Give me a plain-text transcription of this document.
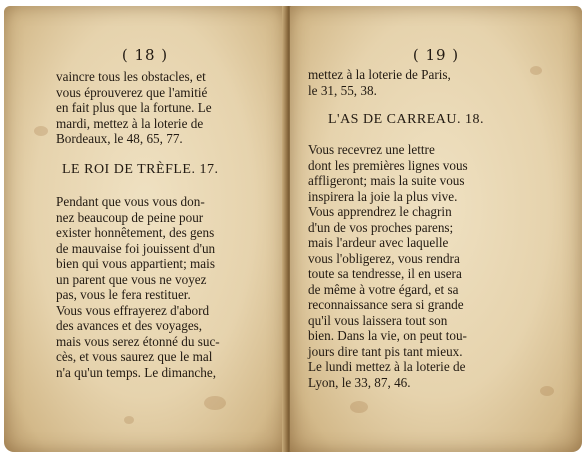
( 18 )
vaincre tous les obstacles, et
vous éprouverez que l'amitié
en fait plus que la fortune. Le
mardi, mettez à la loterie de
Bordeaux, le 48, 65, 77.
LE ROI DE TRÈFLE. 17.
Pendant que vous vous don-
nez beaucoup de peine pour
exister honnêtement, des gens
de mauvaise foi jouissent d'un
bien qui vous appartient; mais
un parent que vous ne voyez
pas, vous le fera restituer.
Vous vous effrayerez d'abord
des avances et des voyages,
mais vous serez étonné du suc-
cès, et vous saurez que le mal
n'a qu'un temps. Le dimanche,
( 19 )
mettez à la loterie de Paris,
le 31, 55, 38.
L'AS DE CARREAU. 18.
Vous recevrez une lettre
dont les premières lignes vous
affligeront; mais la suite vous
inspirera la joie la plus vive.
Vous apprendrez le chagrin
d'un de vos proches parens;
mais l'ardeur avec laquelle
vous l'obligerez, vous rendra
toute sa tendresse, il en usera
de même à votre égard, et sa
reconnaissance sera si grande
qu'il vous laissera tout son
bien. Dans la vie, on peut tou-
jours dire tant pis tant mieux.
Le lundi mettez à la loterie de
Lyon, le 33, 87, 46.
